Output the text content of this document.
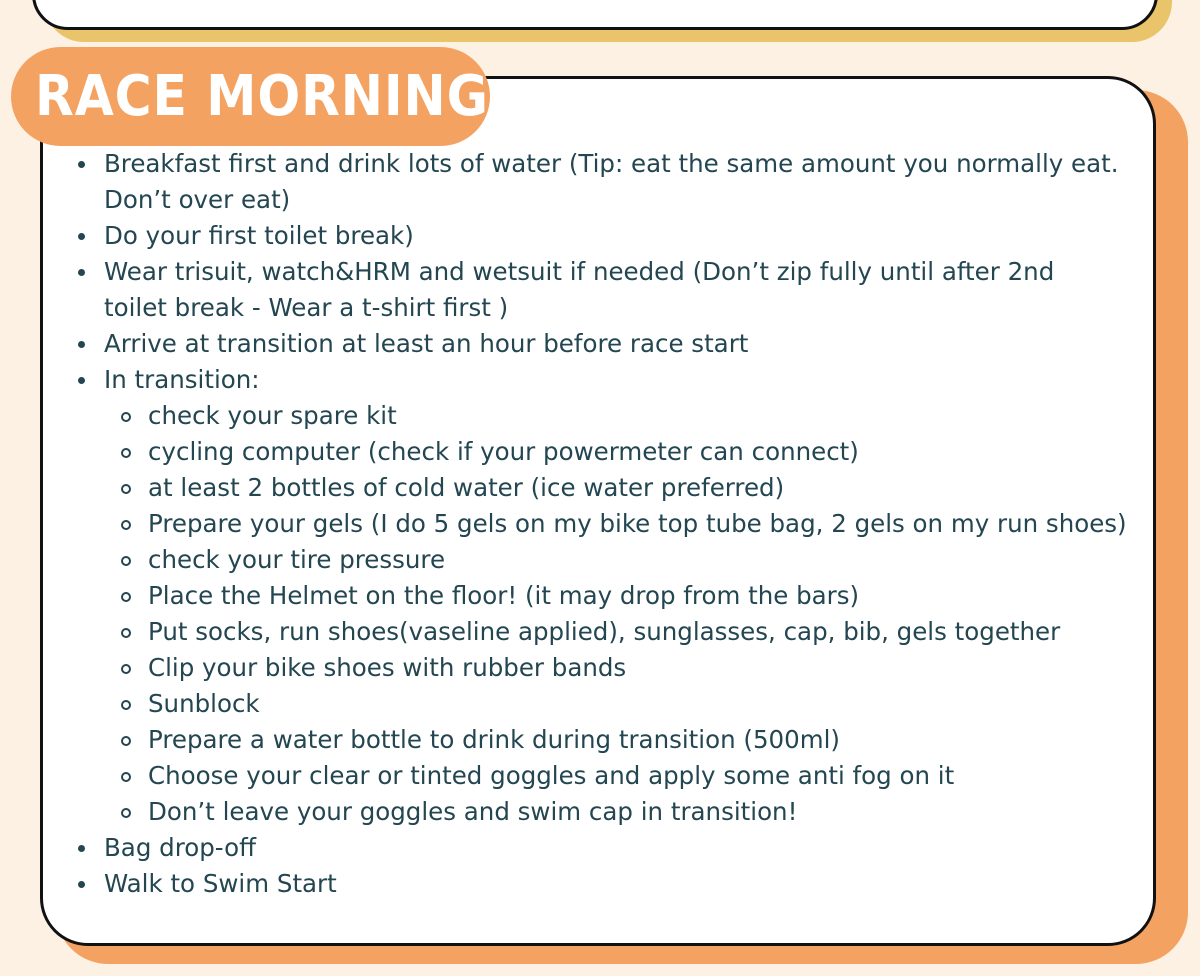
RACE MORNING
Breakfast first and drink lots of water (Tip: eat the same amount you normally eat.
Don’t over eat)
Do your first toilet break)
Wear trisuit, watch&HRM and wetsuit if needed (Don’t zip fully until after 2nd
toilet break - Wear a t-shirt first )
Arrive at transition at least an hour before race start
In transition:
check your spare kit
cycling computer (check if your powermeter can connect)
at least 2 bottles of cold water (ice water preferred)
Prepare your gels (I do 5 gels on my bike top tube bag, 2 gels on my run shoes)
check your tire pressure
Place the Helmet on the floor! (it may drop from the bars)
Put socks, run shoes(vaseline applied), sunglasses, cap, bib, gels together
Clip your bike shoes with rubber bands
Sunblock
Prepare a water bottle to drink during transition (500ml)
Choose your clear or tinted goggles and apply some anti fog on it
Don’t leave your goggles and swim cap in transition!
Bag drop-off
Walk to Swim Start
